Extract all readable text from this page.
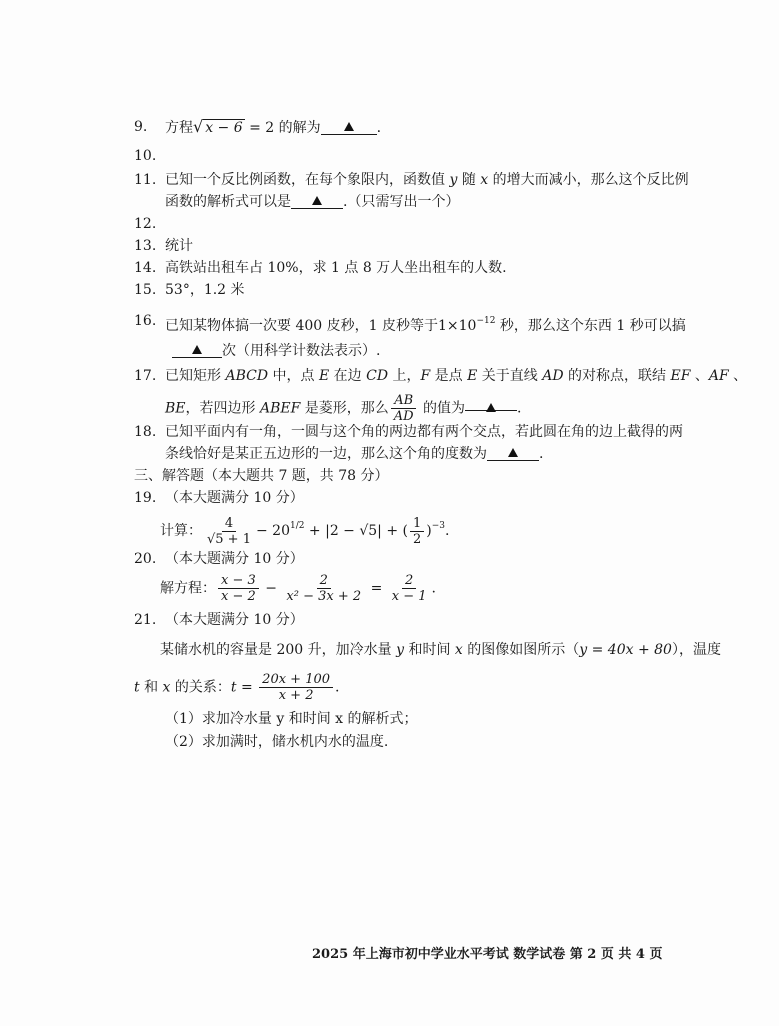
9. 方程√ x − 6 = 2 的解为	.
10.
11. 已知一个反比例函数，在每个象限内，函数值 y 随 x 的增大而减小，那么这个反比例
函数的解析式可以是	.（只需写出一个）
12.
13. 统计
14. 高铁站出租车占 10%，求 1 点 8 万人坐出租车的人数.
15. 53°，1.2 米
16. 已知某物体搞一次要 400 皮秒，1 皮秒等于$1\times 10^{-12}$ 秒，那么这个东西 1 秒可以搞
次（用科学计数法表示）.
17. 已知矩形 ABCD 中，点 E 在边 CD 上，F 是点 E 关于直线 AD 的对称点，联结 EF 、AF 、
BE，若四边形 ABEF 是菱形，那么 $\frac{AB}{AD}$ 的值为	.
18. 已知平面内有一角，一圆与这个角的两边都有两个交点，若此圆在角的边上截得的两
条线恰好是某正五边形的一边，那么这个角的度数为	.
三、解答题（本大题共 7 题，共 78 分）
19. （本大题满分 10 分）
计算： $\frac{4}{√5 + 1} - 20^{1/2} + |2 - √5|$ + ( $\frac{1}{2} )^{-3}$.
20. （本大题满分 10 分）
解方程： $\frac{x - 3}{x - 2} - \frac{2}{\text{x² − 3x + 2}} = \frac{2}{x - 1}$ .
21. （本大题满分 10 分）
某储水机的容量是 200 升，加冷水量 y 和时间 x 的图像如图所示（y = 40x + 80），温度
t 和 x 的关系：$t = \frac{20x + 100}{x + 2}$ .
（1）求加冷水量 y 和时间 x 的解析式；
（2）求加满时，储水机内水的温度.
2025 年上海市初中学业水平考试 数学试卷 第 2 页 共 4 页
